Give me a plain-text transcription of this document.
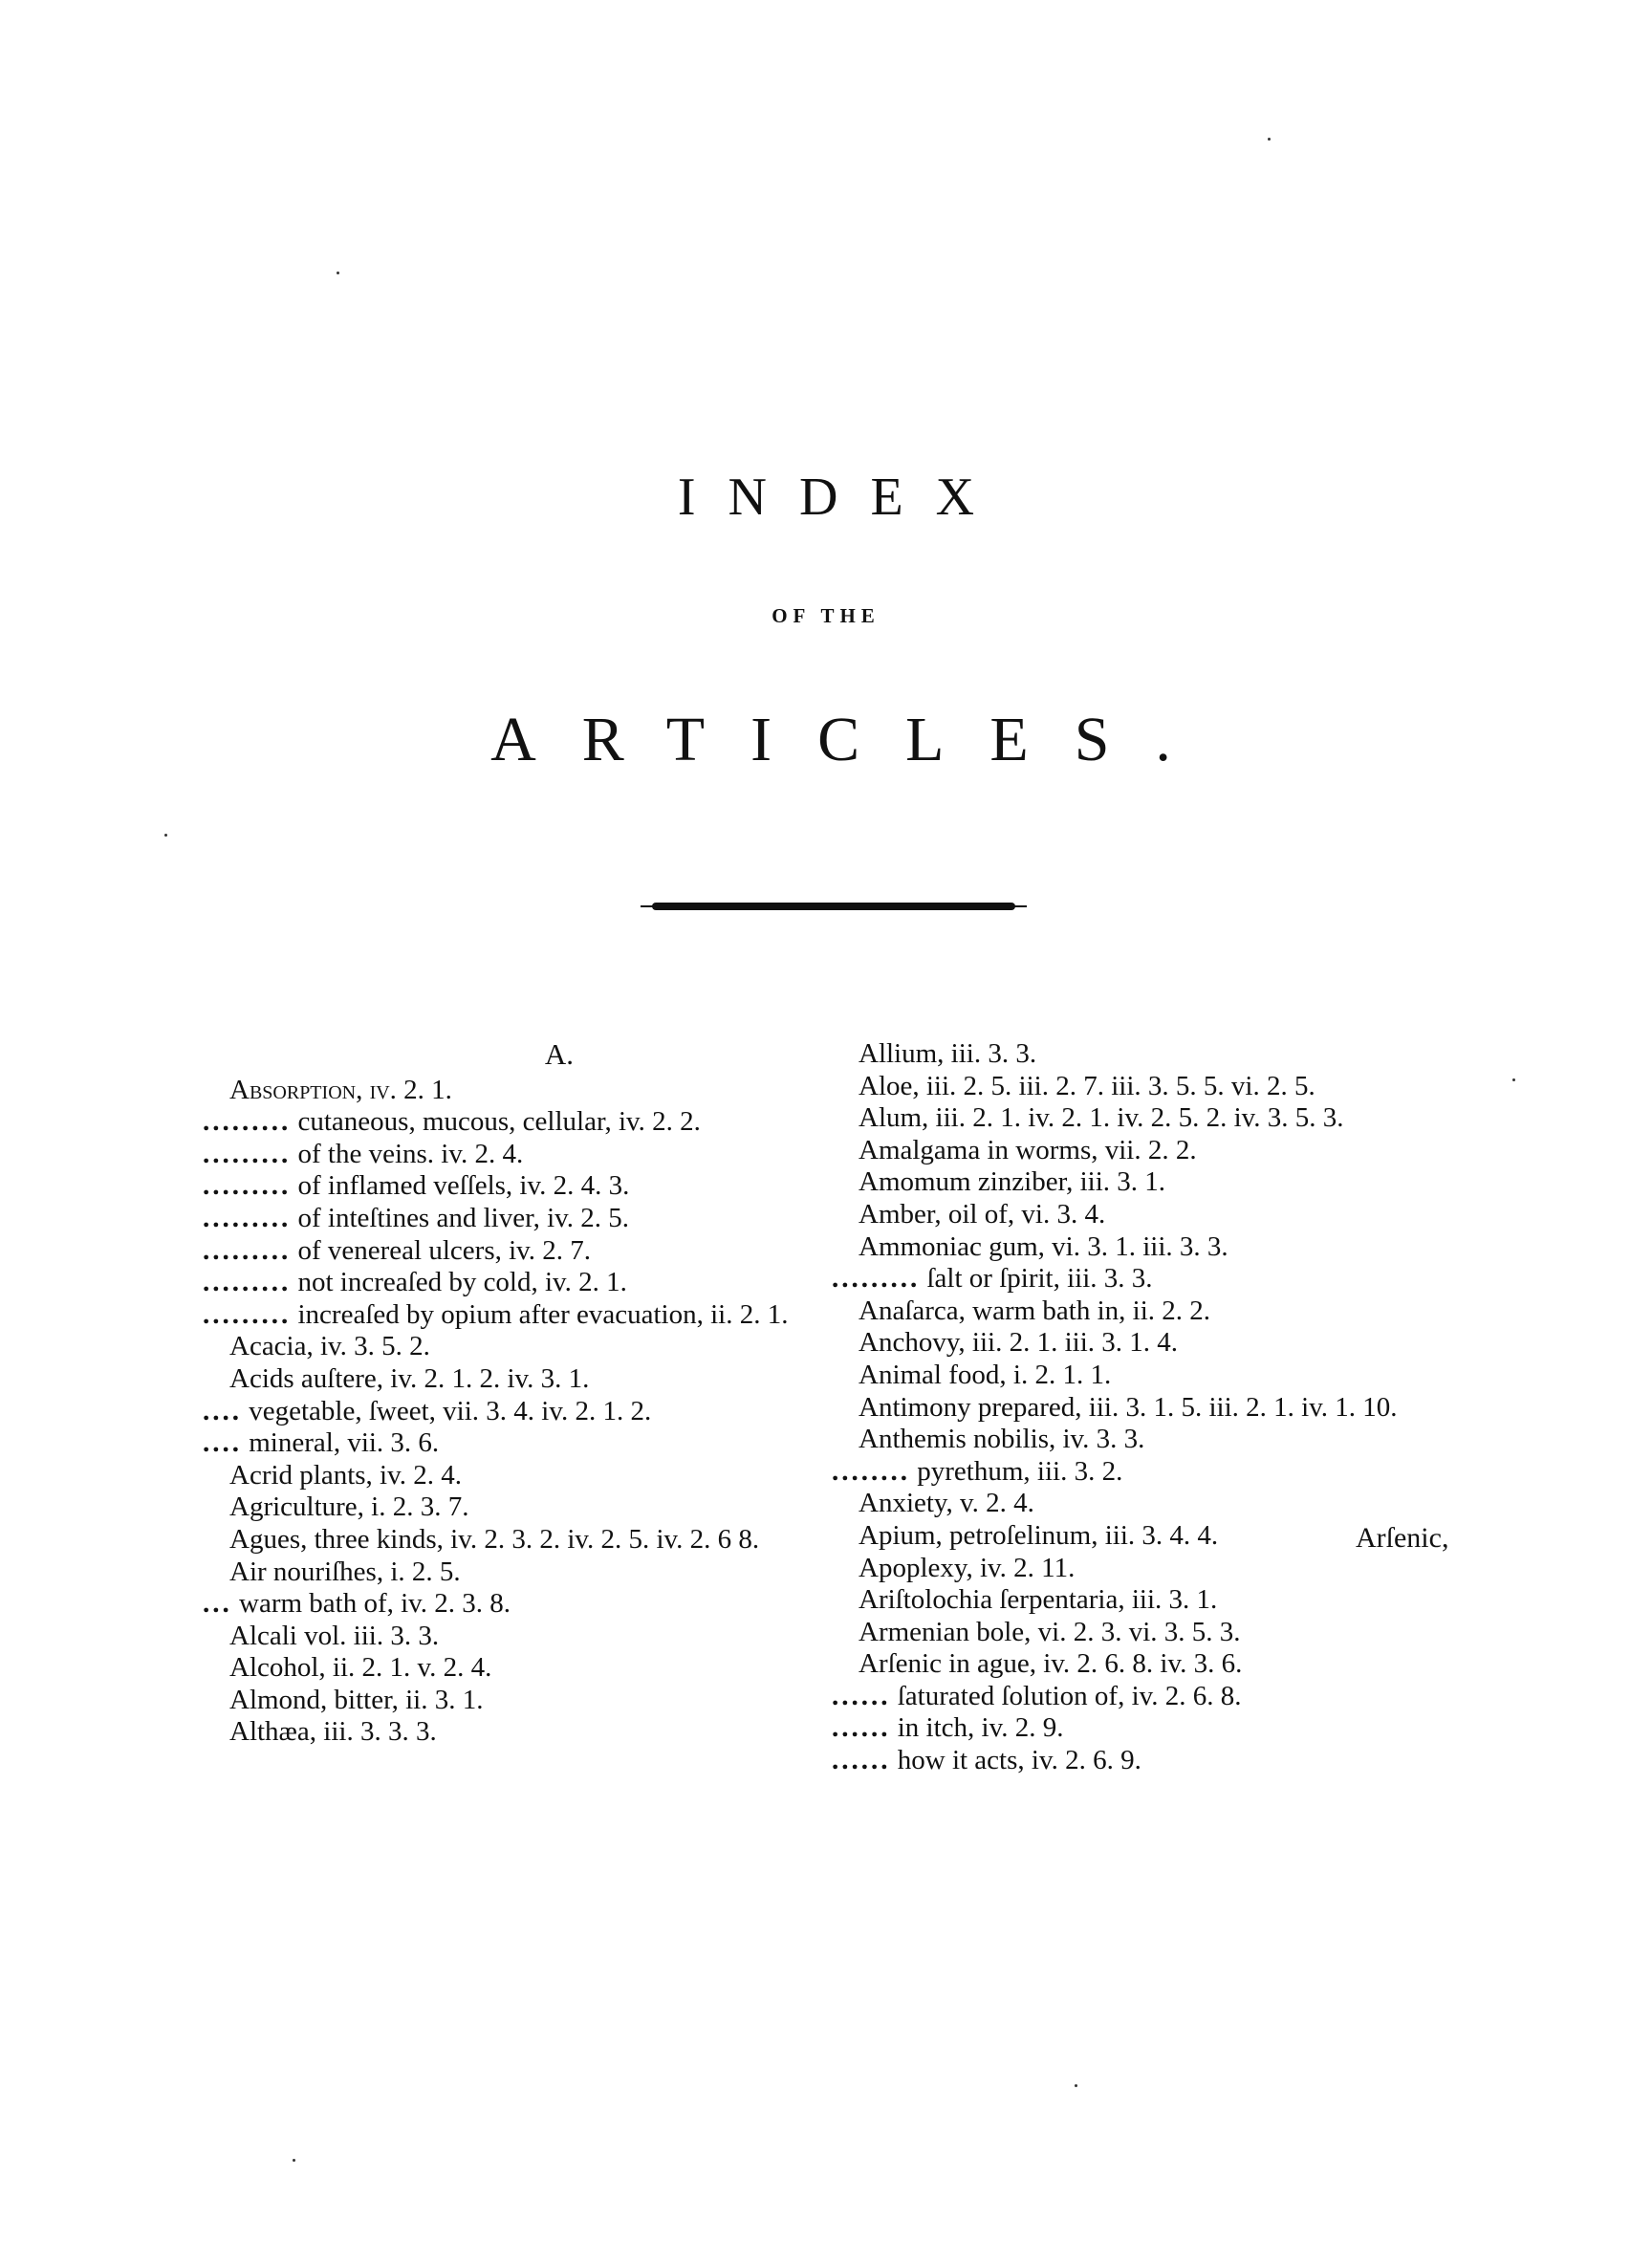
INDEX
OF THE
ARTICLES.
A.
Absorption, iv. 2. 1.
......... cutaneous, mucous, cellular, iv. 2. 2.
......... of the veins. iv. 2. 4.
......... of inflamed veſſels, iv. 2. 4. 3.
......... of inteſtines and liver, iv. 2. 5.
......... of venereal ulcers, iv. 2. 7.
......... not increaſed by cold, iv. 2. 1.
......... increaſed by opium after evacuation, ii. 2. 1.
Acacia, iv. 3. 5. 2.
Acids auſtere, iv. 2. 1. 2. iv. 3. 1.
.... vegetable, ſweet, vii. 3. 4. iv. 2. 1. 2.
.... mineral, vii. 3. 6.
Acrid plants, iv. 2. 4.
Agriculture, i. 2. 3. 7.
Agues, three kinds, iv. 2. 3. 2. iv. 2. 5. iv. 2. 6 8.
Air nouriſhes, i. 2. 5.
... warm bath of, iv. 2. 3. 8.
Alcali vol. iii. 3. 3.
Alcohol, ii. 2. 1. v. 2. 4.
Almond, bitter, ii. 3. 1.
Althæa, iii. 3. 3. 3.
Allium, iii. 3. 3.
Aloe, iii. 2. 5. iii. 2. 7. iii. 3. 5. 5. vi. 2. 5.
Alum, iii. 2. 1. iv. 2. 1. iv. 2. 5. 2. iv. 3. 5. 3.
Amalgama in worms, vii. 2. 2.
Amomum zinziber, iii. 3. 1.
Amber, oil of, vi. 3. 4.
Ammoniac gum, vi. 3. 1. iii. 3. 3.
......... ſalt or ſpirit, iii. 3. 3.
Anaſarca, warm bath in, ii. 2. 2.
Anchovy, iii. 2. 1. iii. 3. 1. 4.
Animal food, i. 2. 1. 1.
Antimony prepared, iii. 3. 1. 5. iii. 2. 1. iv. 1. 10.
Anthemis nobilis, iv. 3. 3.
........ pyrethum, iii. 3. 2.
Anxiety, v. 2. 4.
Apium, petroſelinum, iii. 3. 4. 4.
Apoplexy, iv. 2. 11.
Ariſtolochia ſerpentaria, iii. 3. 1.
Armenian bole, vi. 2. 3. vi. 3. 5. 3.
Arſenic in ague, iv. 2. 6. 8. iv. 3. 6.
...... ſaturated ſolution of, iv. 2. 6. 8.
...... in itch, iv. 2. 9.
...... how it acts, iv. 2. 6. 9.
Arſenic,
